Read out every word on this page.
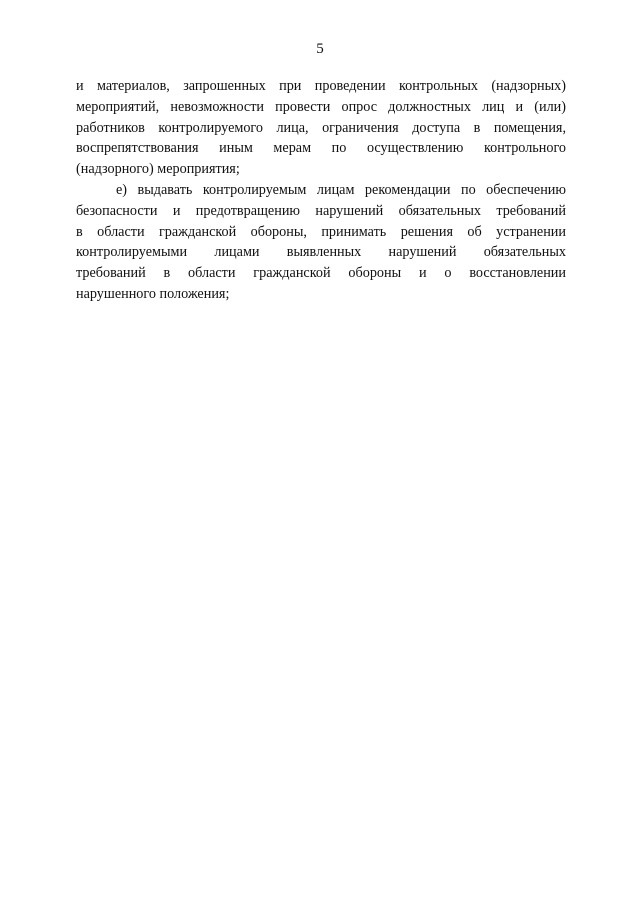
5
и материалов, запрошенных при проведении контрольных (надзорных)
мероприятий, невозможности провести опрос должностных лиц и (или)
работников контролируемого лица, ограничения доступа в помещения,
воспрепятствования иным мерам по осуществлению контрольного
(надзорного) мероприятия;
е) выдавать контролируемым лицам рекомендации по обеспечению
безопасности и предотвращению нарушений обязательных требований
в области гражданской обороны, принимать решения об устранении
контролируемыми лицами выявленных нарушений обязательных
требований в области гражданской обороны и о восстановлении
нарушенного положения;
